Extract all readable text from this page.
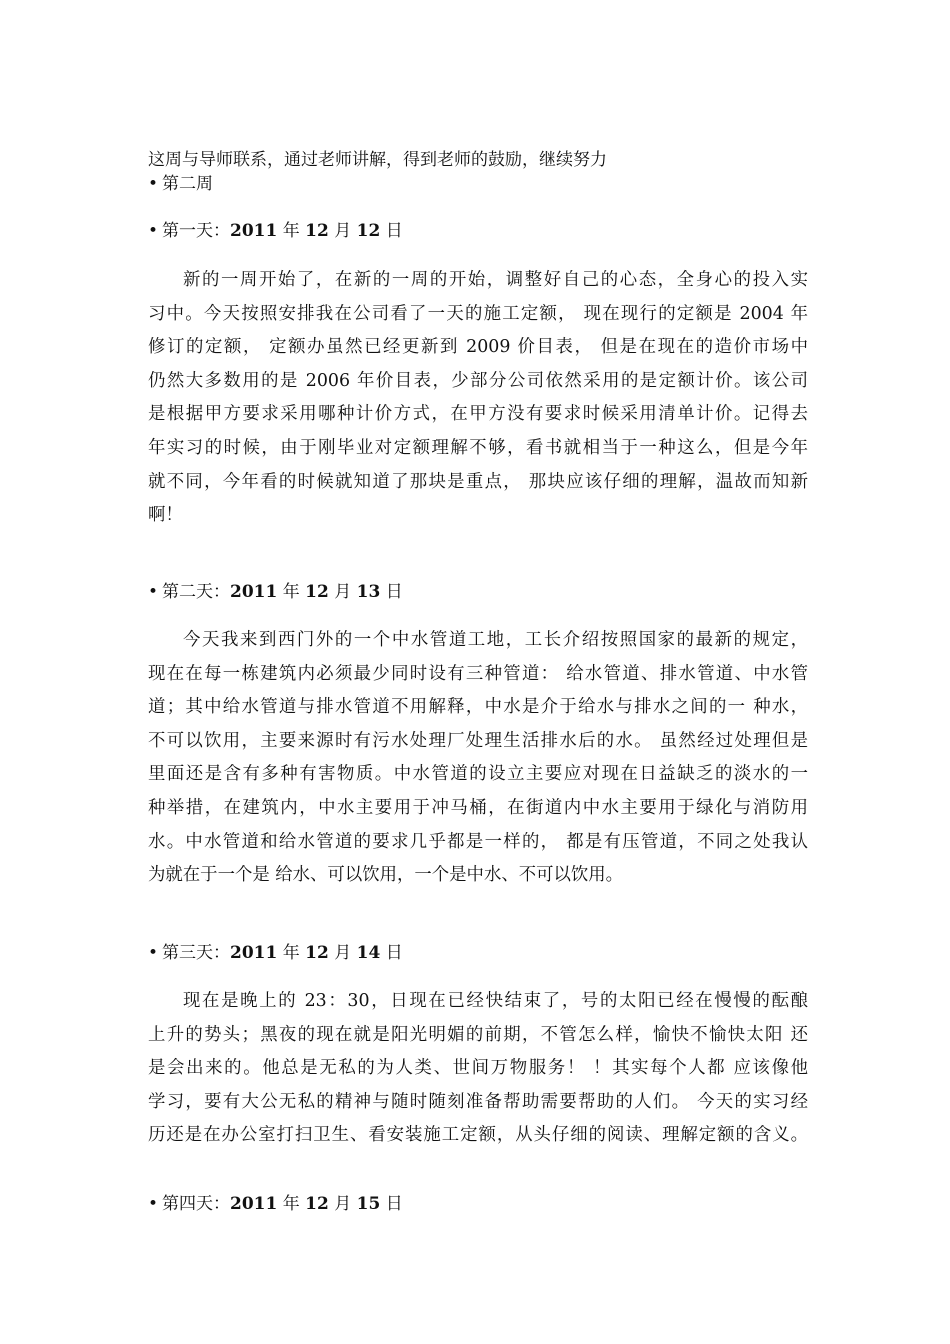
这周与导师联系，通过老师讲解，得到老师的鼓励，继续努力
• 第二周
• 第一天：2011 年 12 月 12 日
新的一周开始了，在新的一周的开始，调整好自己的心态，全身心的投入实
习中。今天按照安排我在公司看了一天的施工定额， 现在现行的定额是 2004 年
修订的定额， 定额办虽然已经更新到 2009 价目表， 但是在现在的造价市场中
仍然大多数用的是 2006 年价目表，少部分公司依然采用的是定额计价。该公司
是根据甲方要求采用哪种计价方式，在甲方没有要求时候采用清单计价。记得去
年实习的时候，由于刚毕业对定额理解不够，看书就相当于一种这么，但是今年
就不同，今年看的时候就知道了那块是重点， 那块应该仔细的理解，温故而知新
啊！
• 第二天：2011 年 12 月 13 日
今天我来到西门外的一个中水管道工地，工长介绍按照国家的最新的规定，
现在在每一栋建筑内必须最少同时设有三种管道： 给水管道、排水管道、中水管
道；其中给水管道与排水管道不用解释，中水是介于给水与排水之间的一 种水，
不可以饮用，主要来源时有污水处理厂处理生活排水后的水。 虽然经过处理但是
里面还是含有多种有害物质。中水管道的设立主要应对现在日益缺乏的淡水的一
种举措，在建筑内，中水主要用于冲马桶，在街道内中水主要用于绿化与消防用
水。中水管道和给水管道的要求几乎都是一样的， 都是有压管道，不同之处我认
为就在于一个是 给水、可以饮用，一个是中水、不可以饮用。
• 第三天：2011 年 12 月 14 日
现在是晚上的 23：30，日现在已经快结束了，号的太阳已经在慢慢的酝酿
上升的势头；黑夜的现在就是阳光明媚的前期，不管怎么样，愉快不愉快太阳 还
是会出来的。他总是无私的为人类、世间万物服务！ ！其实每个人都 应该像他
学习，要有大公无私的精神与随时随刻准备帮助需要帮助的人们。 今天的实习经
历还是在办公室打扫卫生、看安装施工定额，从头仔细的阅读、理解定额的含义。
• 第四天：2011 年 12 月 15 日
